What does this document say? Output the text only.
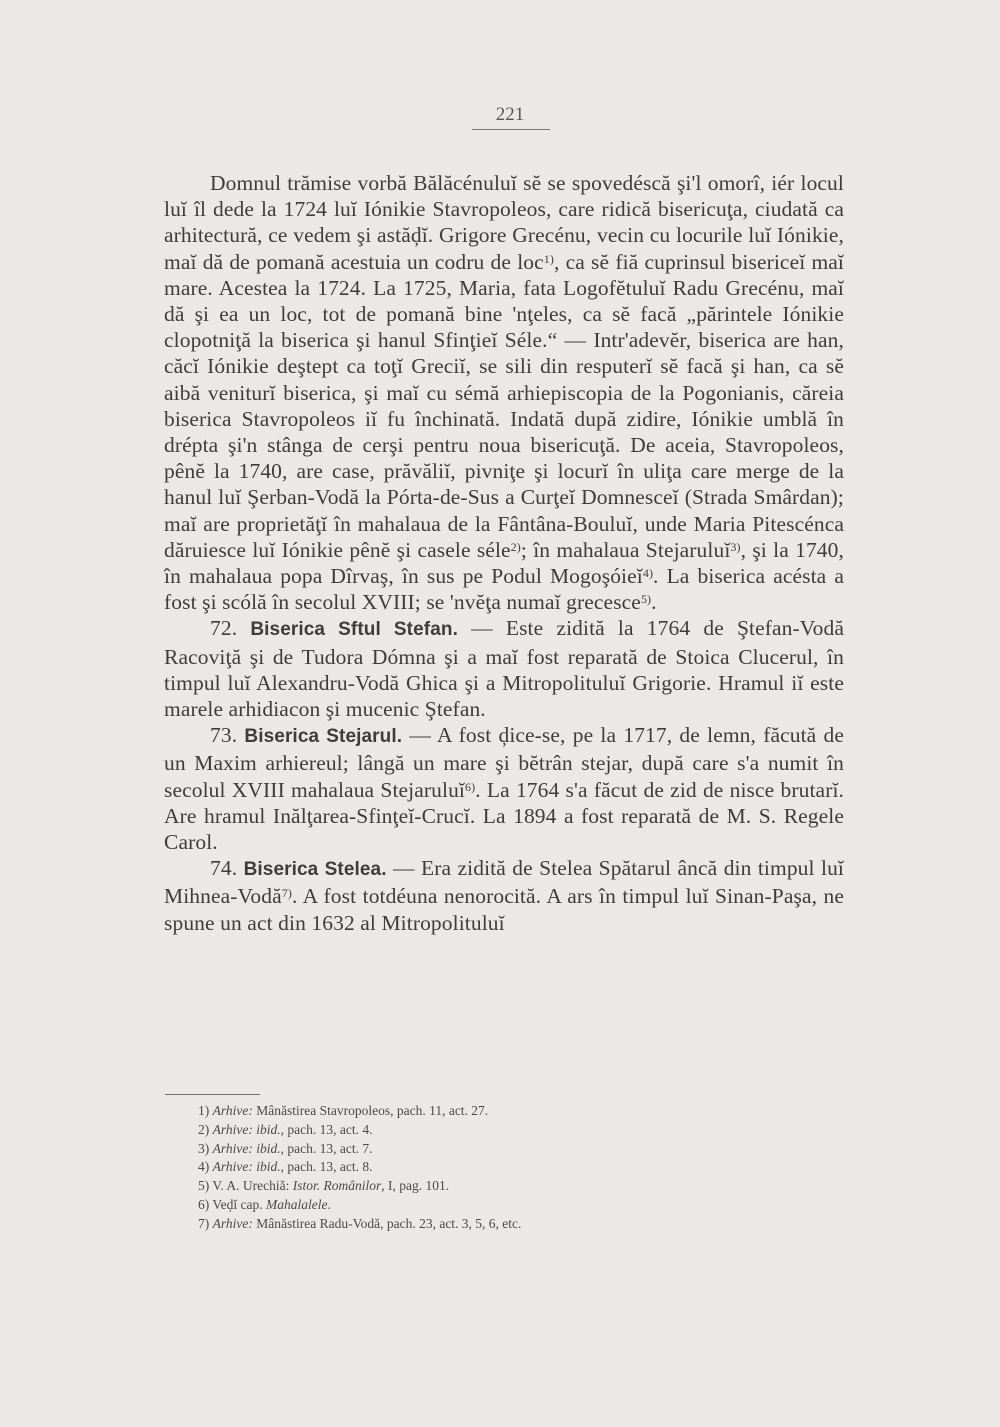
221

Domnul trămise vorbă Bălăcénuluĭ sĕ se spovedéscă şi'l omorî, iér locul luĭ îl dede la 1724 luĭ Iónikie Stavropoleos, care ridică bisericuţa, ciudată ca arhitectură, ce vedem şi astăḑĭ. Grigore Grecénu, vecin cu locurile luĭ Iónikie, maĭ dă de pomană acestuia un codru de loc$^{1)}$, ca sĕ fiă cuprinsul bisericeĭ maĭ mare. Acestea la 1724. La 1725, Maria, fata Logofĕtuluĭ Radu Grecénu, maĭ dă şi ea un loc, tot de pomană bine 'nţeles, ca sĕ facă „părintele Iónikie clopotniţă la biserica şi hanul Sfinţieĭ Séle.“ — Intr'adevĕr, biserica are han, căcĭ Iónikie deştept ca toţĭ Greciĭ, se sili din resputerĭ sĕ facă şi han, ca sĕ aibă veniturĭ biserica, şi maĭ cu sémă arhiepiscopia de la Pogonianis, căreia biserica Stavropoleos iĭ fu închinată. Indată după zidire, Iónikie umblă în drépta şi'n stânga de cerşi pentru noua bisericuţă. De aceia, Stavropoleos, pênĕ la 1740, are case, prăvăliĭ, pivniţe şi locurĭ în uliţa care merge de la hanul luĭ Şerban-Vodă la Pórta-de-Sus a Curţeĭ Domnesceĭ (Strada Smârdan); maĭ are proprietăţĭ în mahalaua de la Fântâna-Bouluĭ, unde Maria Pitescénca dăruiesce luĭ Iónikie pênĕ şi casele séle$^{2)}$; în mahalaua Stejaruluĭ$^{3)}$, şi la 1740, în mahalaua popa Dîrvaş, în sus pe Podul Mogoşóieĭ$^{4)}$. La biserica acésta a fost şi scólă în secolul XVIII; se 'nvĕţa numaĭ grecesce$^{5)}$.

72. Biserica Sftul Stefan. — Este zidită la 1764 de Ştefan-Vodă Racoviţă şi de Tudora Dómna şi a maĭ fost reparată de Stoica Clucerul, în timpul luĭ Alexandru-Vodă Ghica şi a Mitropolituluĭ Grigorie. Hramul iĭ este marele arhidiacon şi mucenic Ştefan.

73. Biserica Stejarul. — A fost ḑice-se, pe la 1717, de lemn, făcută de un Maxim arhiereul; lângă un mare şi bĕtrân stejar, după care s'a numit în secolul XVIII mahalaua Stejaruluĭ$^{6)}$. La 1764 s'a făcut de zid de nisce brutarĭ. Are hramul Inălţarea-Sfinţeĭ-Crucĭ. La 1894 a fost reparată de M. S. Regele Carol.

74. Biserica Stelea. — Era zidită de Stelea Spătarul âncă din timpul luĭ Mihnea-Vodă$^{7)}$. A fost totdéuna nenorocită. A ars în timpul luĭ Sinan-Paşa, ne spune un act din 1632 al Mitropolituluĭ

1) Arhive: Mânăstirea Stavropoleos, pach. 11, act. 27.
2) Arhive: ibid., pach. 13, act. 4.
3) Arhive: ibid., pach. 13, act. 7.
4) Arhive: ibid., pach. 13, act. 8.
5) V. A. Urechiă: Istor. Românilor, I, pag. 101.
6) Veḑĭ cap. Mahalalele.
7) Arhive: Mânăstirea Radu-Vodă, pach. 23, act. 3, 5, 6, etc.
